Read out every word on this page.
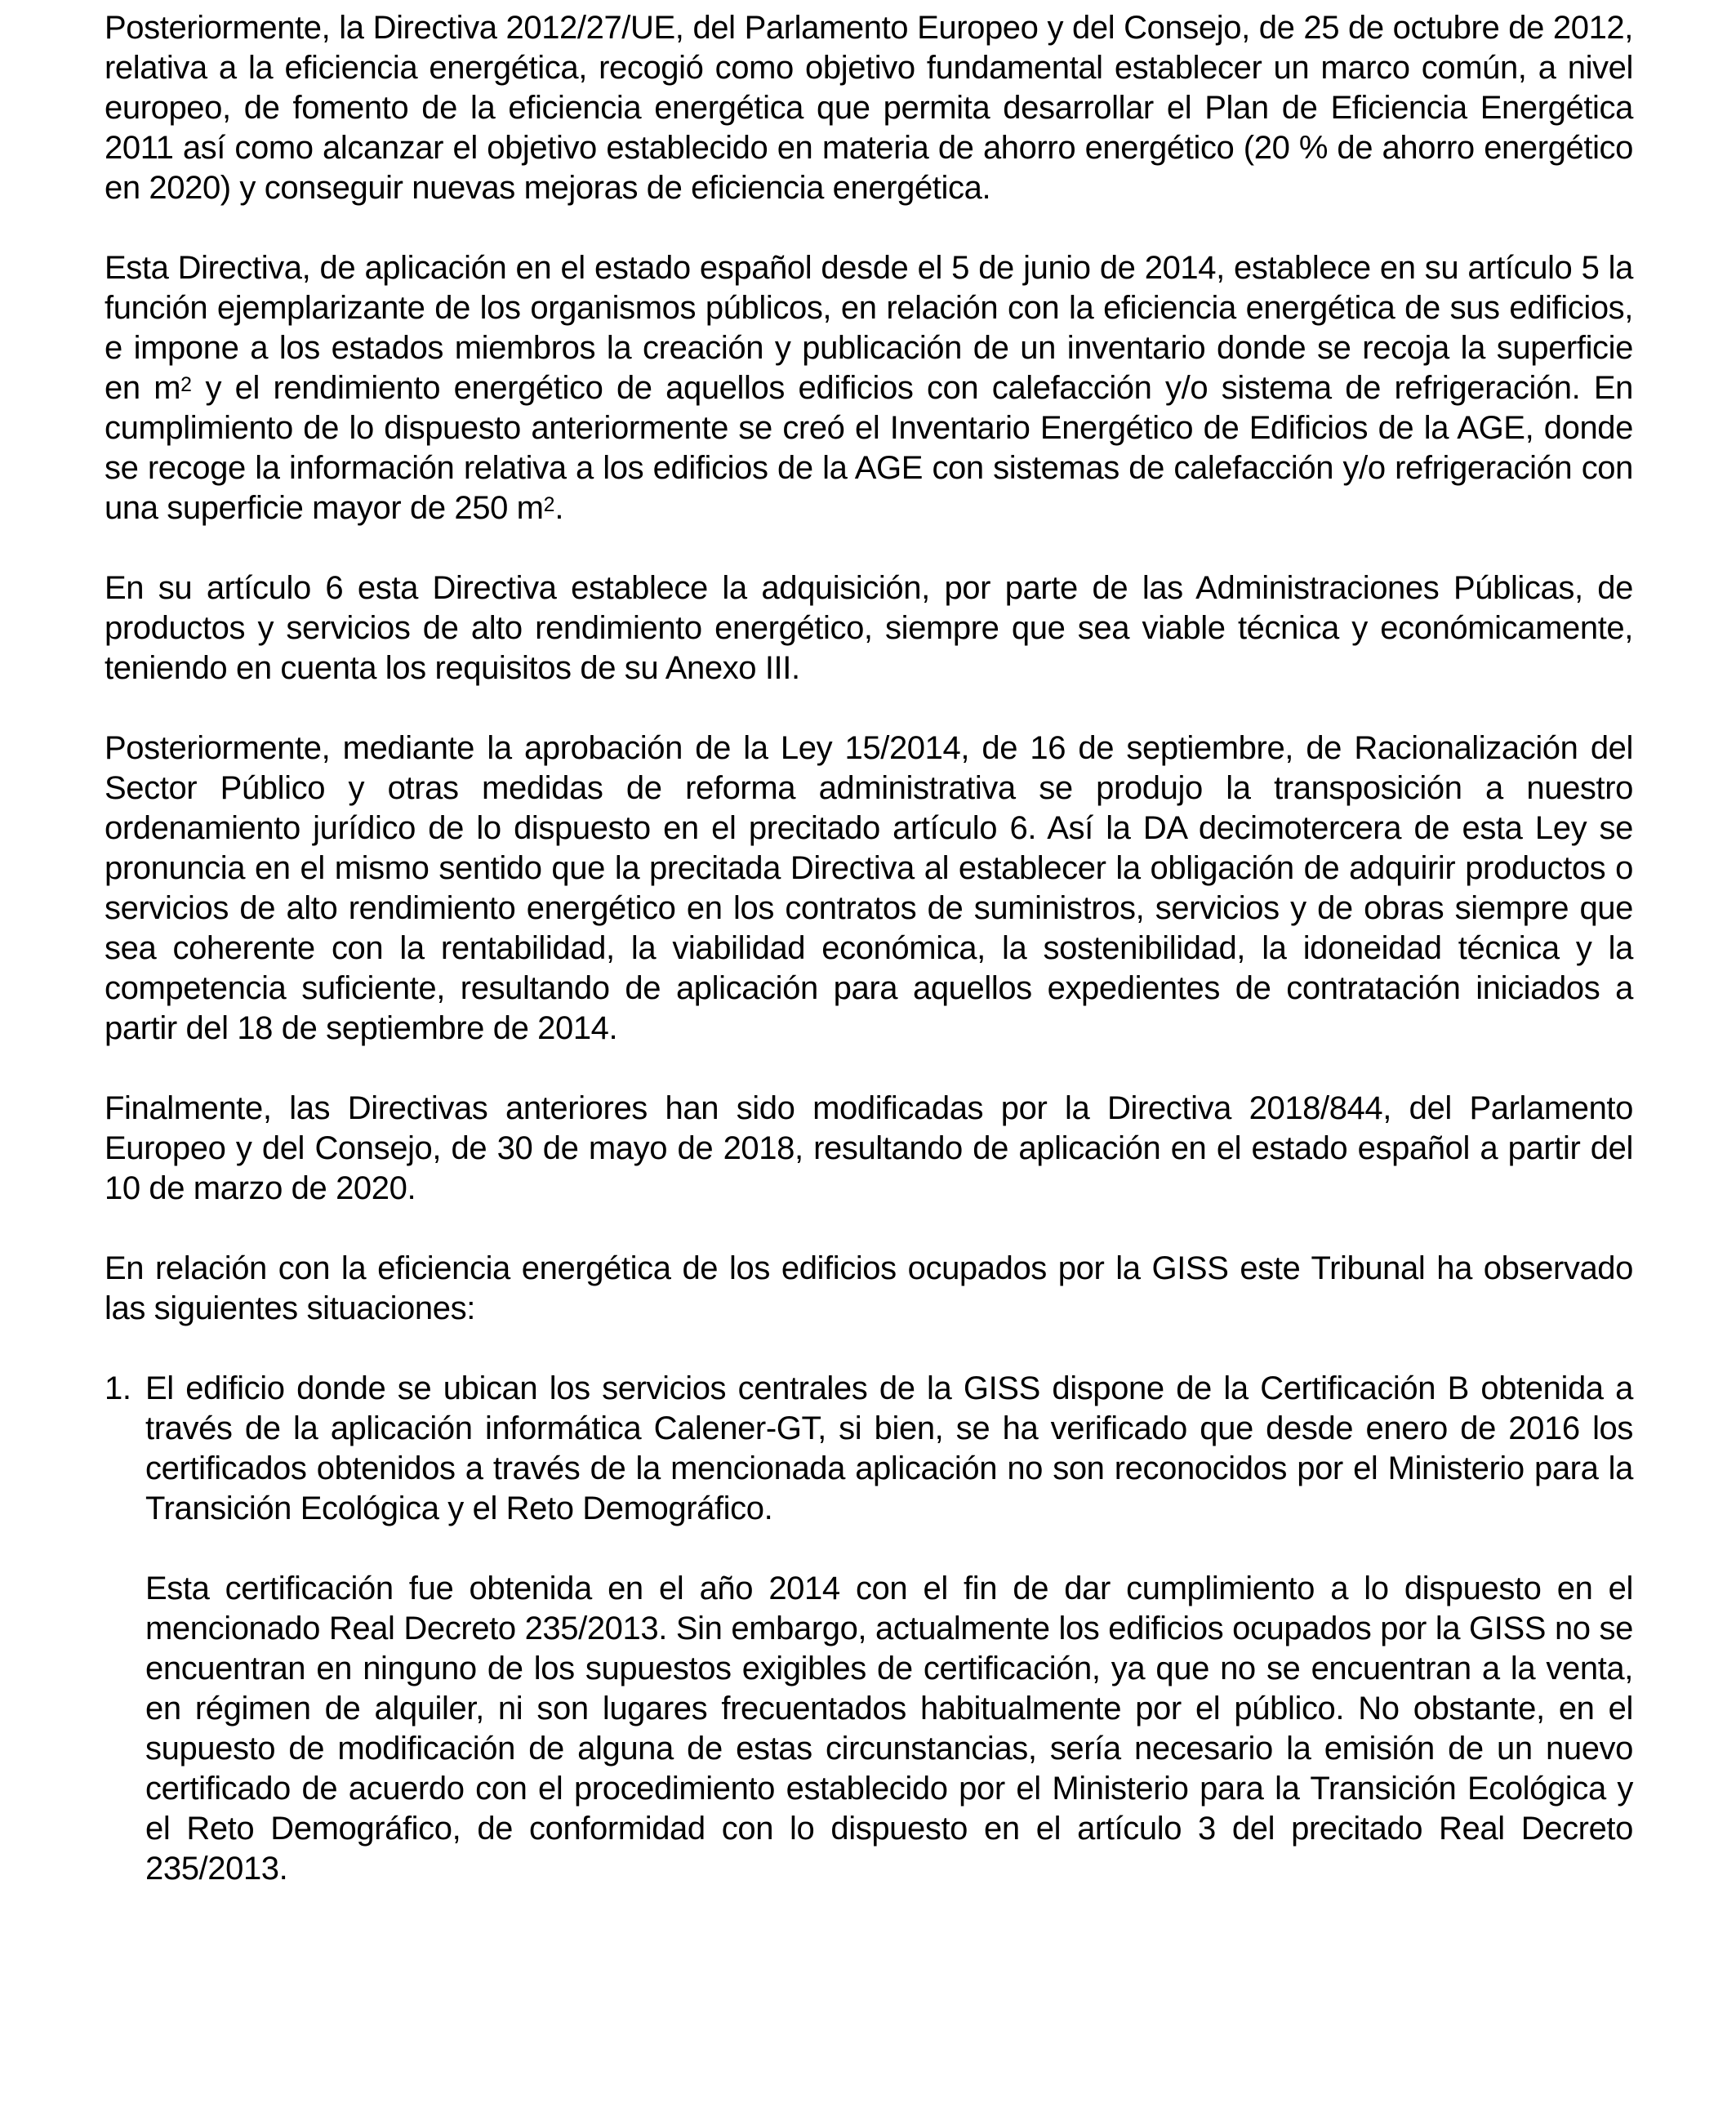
Posteriormente, la Directiva 2012/27/UE, del Parlamento Europeo y del Consejo, de 25 de octubre de 2012, relativa a la eficiencia energética, recogió como objetivo fundamental establecer un marco común, a nivel europeo, de fomento de la eficiencia energética que permita desarrollar el Plan de Eficiencia Energética 2011 así como alcanzar el objetivo establecido en materia de ahorro energético (20 % de ahorro energético en 2020) y conseguir nuevas mejoras de eficiencia energética.

Esta Directiva, de aplicación en el estado español desde el 5 de junio de 2014, establece en su artículo 5 la función ejemplarizante de los organismos públicos, en relación con la eficiencia energética de sus edificios, e impone a los estados miembros la creación y publicación de un inventario donde se recoja la superficie en $m^2$ y el rendimiento energético de aquellos edificios con calefacción y/o sistema de refrigeración. En cumplimiento de lo dispuesto anteriormente se creó el Inventario Energético de Edificios de la AGE, donde se recoge la información relativa a los edificios de la AGE con sistemas de calefacción y/o refrigeración con una superficie mayor de 250 $m^2$.

En su artículo 6 esta Directiva establece la adquisición, por parte de las Administraciones Públicas, de productos y servicios de alto rendimiento energético, siempre que sea viable técnica y económicamente, teniendo en cuenta los requisitos de su Anexo III.

Posteriormente, mediante la aprobación de la Ley 15/2014, de 16 de septiembre, de Racionalización del Sector Público y otras medidas de reforma administrativa se produjo la transposición a nuestro ordenamiento jurídico de lo dispuesto en el precitado artículo 6. Así la DA decimotercera de esta Ley se pronuncia en el mismo sentido que la precitada Directiva al establecer la obligación de adquirir productos o servicios de alto rendimiento energético en los contratos de suministros, servicios y de obras siempre que sea coherente con la rentabilidad, la viabilidad económica, la sostenibilidad, la idoneidad técnica y la competencia suficiente, resultando de aplicación para aquellos expedientes de contratación iniciados a partir del 18 de septiembre de 2014.

Finalmente, las Directivas anteriores han sido modificadas por la Directiva 2018/844, del Parlamento Europeo y del Consejo, de 30 de mayo de 2018, resultando de aplicación en el estado español a partir del 10 de marzo de 2020.

En relación con la eficiencia energética de los edificios ocupados por la GISS este Tribunal ha observado las siguientes situaciones:

1. El edificio donde se ubican los servicios centrales de la GISS dispone de la Certificación B obtenida a través de la aplicación informática Calener-GT, si bien, se ha verificado que desde enero de 2016 los certificados obtenidos a través de la mencionada aplicación no son reconocidos por el Ministerio para la Transición Ecológica y el Reto Demográfico.

Esta certificación fue obtenida en el año 2014 con el fin de dar cumplimiento a lo dispuesto en el mencionado Real Decreto 235/2013. Sin embargo, actualmente los edificios ocupados por la GISS no se encuentran en ninguno de los supuestos exigibles de certificación, ya que no se encuentran a la venta, en régimen de alquiler, ni son lugares frecuentados habitualmente por el público. No obstante, en el supuesto de modificación de alguna de estas circunstancias, sería necesario la emisión de un nuevo certificado de acuerdo con el procedimiento establecido por el Ministerio para la Transición Ecológica y el Reto Demográfico, de conformidad con lo dispuesto en el artículo 3 del precitado Real Decreto 235/2013.
